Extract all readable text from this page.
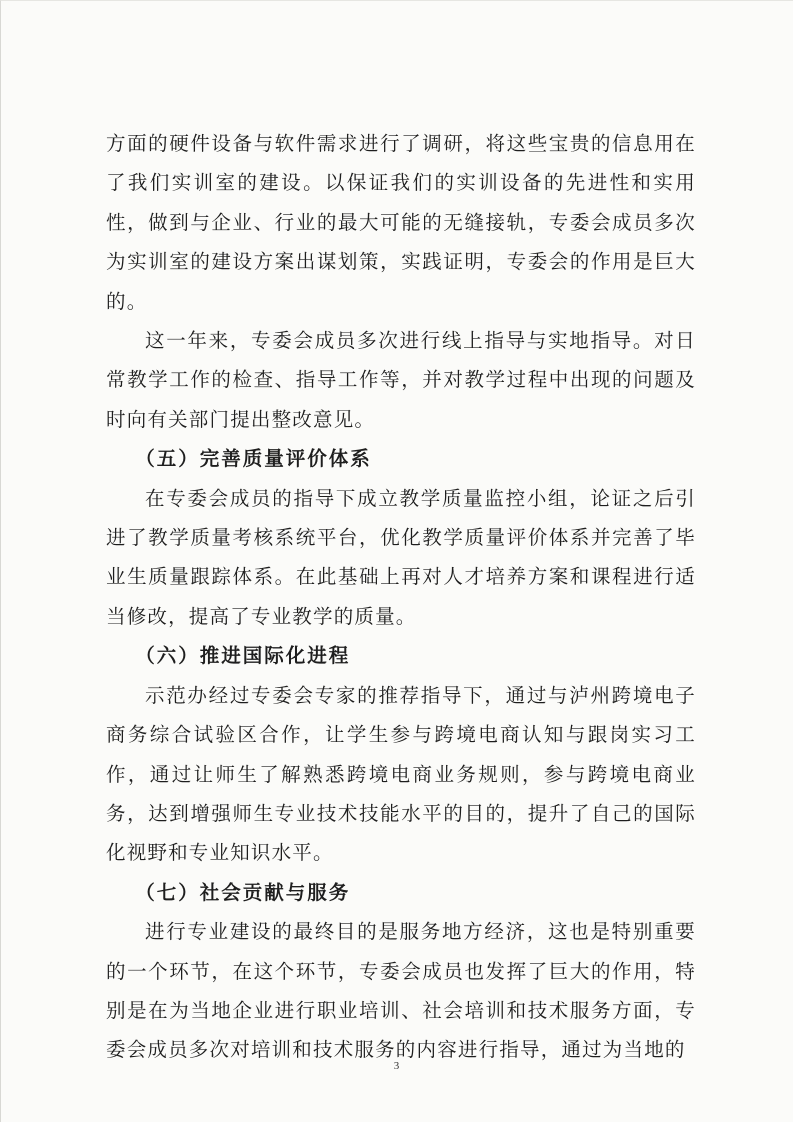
方面的硬件设备与软件需求进行了调研，将这些宝贵的信息用在了我们实训室的建设。以保证我们的实训设备的先进性和实用性，做到与企业、行业的最大可能的无缝接轨，专委会成员多次为实训室的建设方案出谋划策，实践证明，专委会的作用是巨大的。

这一年来，专委会成员多次进行线上指导与实地指导。对日常教学工作的检查、指导工作等，并对教学过程中出现的问题及时向有关部门提出整改意见。

（五）完善质量评价体系

在专委会成员的指导下成立教学质量监控小组，论证之后引进了教学质量考核系统平台，优化教学质量评价体系并完善了毕业生质量跟踪体系。在此基础上再对人才培养方案和课程进行适当修改，提高了专业教学的质量。

（六）推进国际化进程

示范办经过专委会专家的推荐指导下，通过与泸州跨境电子商务综合试验区合作，让学生参与跨境电商认知与跟岗实习工作，通过让师生了解熟悉跨境电商业务规则，参与跨境电商业务，达到增强师生专业技术技能水平的目的，提升了自己的国际化视野和专业知识水平。

（七）社会贡献与服务

进行专业建设的最终目的是服务地方经济，这也是特别重要的一个环节，在这个环节，专委会成员也发挥了巨大的作用，特别是在为当地企业进行职业培训、社会培训和技术服务方面，专委会成员多次对培训和技术服务的内容进行指导，通过为当地的

3
